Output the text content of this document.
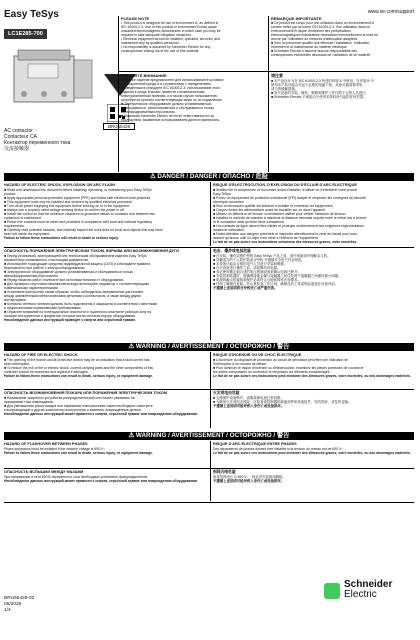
Easy TeSys	www.se.com/support
LC1E285-700
BRU55428
AC contactor
Contacteur CA
Контактор переменного тока
交流接触器
PLEASE NOTE

• This product is designed for use in environment A, as defined in

IEC 61000-2-3. Use of this product in environment B may cause

unwanted electromagnetic disturbances in which case you may be

required to take adequate mitigation measures.

• Electrical equipment should be installed, operated, serviced, and

maintained only by qualified personnel.

• No responsibility is assumed by Schneider Electric for any

consequences arising out of the use of this material.

REMARQUE IMPORTANTE

■ Ce produit est conçu pour une utilisation dans un environnement A

comme défini par la norme CEI 61000-2-3. Son utilisation dans un

environnement B risque d'entraîner des perturbations

électromagnétiques indésirables nécessitant éventuellement la mise en

œuvre par l'utilisateur de mesures d'atténuation adaptées.

■ Seul un personnel qualifié doit effectuer l'installation, l'utilisation,

l'entretien et la maintenance du matériel électrique.

■ Schneider Electric n'assume aucune responsabilité des

conséquences éventuelles découlant de l'utilisation de ce matériel.

ОБРАТИТЕ ВНИМАНИЕ

■ Данное изделие предназначено для использования в условиях

промышленной среды А в соответствии с определением,

приведённым в стандарте IEC 61000-2-3. Использование этого

изделия в среде В может привести к нежелательным

электромагнитным помехам, и в таком случае пользователю

потребуется принять соответствующие меры по их подавлению.

■ Электрическое оборудование должно устанавливаться,

использоваться, ремонтироваться и обслуживаться только

квалифицированным персоналом.

■ Компания Schneider Electric не несёт ответственности за

последствия, вызванные использованием данного материала.

请注意

■ 本产品设计为在 IEC 61000-2-3 所述的环境 A 中使用。在环境 B 中

使用本产品可能会引起不必要的电磁干扰，从而可能需要采取

适当的缓解措施。

■ 电气设备的安装、操作、维修和维护工作仅限于合格人员进行。

■ Schneider Electric 不承担由于使用本资料所引起的任何后果。

⚠ DANGER / DANGER / ОПАСНО / 危险
HAZARD OF ELECTRIC SHOCK, EXPLOSION OR ARC FLASH

■ Read and understand this document before installing, operating, or maintaining your Easy TeSys

product.

■ Apply appropriate personal protective equipment (PPE) and follow safe electrical work practices.

■ This equipment must only be installed and serviced by qualified electrical personnel.

■ Turn off all power supplying this equipment before working on or in the equipment.

■ Always use a properly rated voltage sensing device to confirm the power is off.

■ Install the control so that the minimum clearance to grounded metals to contactor and between two

contactors is maintained.

■ Power line contacts must be wired and protected in compliance with local and national regulatory

requirements.

■ Carefully read potential hazards, and carefully inspect the work area for tools and objects that may have

been left inside the equipment.

Failure to follow these instructions will result in death or serious injury.

RISQUE D'ÉLECTROCUTION, D'EXPLOSION OU D'ÉCLAIR D'ARC ÉLECTRIQUE

■ Veuillez lire et comprendre ce document avant d'installer, d'utiliser ou d'entretenir votre produit

Easy TeSys.

■ Portez un équipement de protection individuelle (EPI) adapté et respectez les consignes de sécurité

électrique courantes.

■ Seul un électricien qualifié est autorisé à installer et entretenir cet équipement.

■ Coupez toutes les alimentations avant de travailler sur ou dans l'appareil.

■ Utilisez un détecteur de tension correctement calibré pour vérifier l'absence de tension.

■ Installez le contrôle de manière à maintenir la distance minimale requise entre le métal mis à la terre

et le contacteur ainsi qu'entre deux contacteurs.

■ Les contacts de ligne doivent être câblés et protégés conformément aux exigences réglementaires

locales et nationales.

■ Faites attention aux dangers potentiels et inspectez attentivement la zone de travail pour vous

assurer qu'aucun outil ou objet n'est resté à l'intérieur de l'équipement.

Le fait de ne pas suivre ces instructions entraînera des blessures graves, voire mortelles.

ОПАСНОСТЬ ПОРАЖЕНИЯ ЭЛЕКТРИЧЕСКИМ ТОКОМ, ВЗРЫВА ИЛИ ВОЗНИКНОВЕНИЯ ДУГИ

■ Перед установкой, эксплуатацией или техническим обслуживанием изделия Easy TeSys

внимательно ознакомьтесь с настоящим документом.

■ Используйте подходящие средства индивидуальной защиты (СИЗ) и соблюдайте правила

безопасности при работе с электрооборудованием.

■ Электрическое оборудование должно устанавливаться и обслуживаться только

квалифицированным персоналом.

■ Перед началом работ отключите все источники питания от оборудования.

■ Для проверки отсутствия напряжения всегда используйте индикатор с соответствующими

номинальными характеристиками.

■ Установите контроллер таким образом, чтобы соблюдалось минимальное расстояние

между заземлёнными металлическими деталями и контактором, а также между двумя

контакторами.

■ Контакты сетевого питания должны быть подключены и защищены в соответствии с местными

и национальными нормативными требованиями.

■ Обратите внимание на потенциальные опасности и тщательно осмотрите рабочую зону на

наличие инструментов и предметов, которые могли остаться внутри оборудования.

Несоблюдение данных инструкций приведёт к смерти или серьёзной травме.

电击、爆炸或电弧危险

■ 在安装、操作或维护您的 Easy TeSys 产品之前，请仔细阅读并理解本文档。

■ 穿戴适当的个人防护装备 (PPE) 并遵循安全电气作业规范。

■ 本设备只能由合格的电气人员进行安装和维修。

■ 在对设备进行操作之前，请切断所有电源。

■ 务必使用额定值合适的电压感测设备来确认电源已断开。

■ 安装控制装置时，需确保接地金属与接触器之间以及两个接触器之间保持最小间隙。

■ 电源线触点的接线和保护必须符合当地和国家法规要求。

■ 仔细了解潜在危险，并认真检查工作区域，确保没有工具或物品遗留在设备内部。

不遵循上述说明将会导致死亡或严重伤害。

⚠ WARNING / AVERTISSEMENT / ОСТОРОЖНО / 警告
HAZARD OF FIRE OR ELECTRIC SHOCK

■ The opening of the branch-circuit protective device may be an indication that a fault current has

been interrupted.

■ To reduce the risk of fire or electric shock, current-carrying parts and the other components of this

controller should be examined and replaced if damaged.

Failure to follow these instructions can result in death, serious injury, or equipment damage.

RISQUE D'INCENDIE OU DE CHOC ÉLECTRIQUE

■ L'ouverture du dispositif de protection du circuit de dérivation peut être une indication de

l'interruption d'un courant de défaut.

■ Pour diminuer le risque d'incendie ou d'électrocution, examinez les pièces porteuses de courant et

les autres composants du contrôleur et remplacez les éléments endommagés.

Le fait de ne pas suivre ces instructions peut entraîner des blessures graves, voire mortelles, ou des dommages matériels.

ОПАСНОСТЬ ВОЗНИКНОВЕНИЯ ПОЖАРА ИЛИ ПОРАЖЕНИЯ ЭЛЕКТРИЧЕСКИМ ТОКОМ

■ Размыкание защитного устройства распределительной сети может указывать на

прерывание тока повреждения.

■ Для уменьшения риска пожара или поражения электрическим током необходимо осмотреть

токопроводящие и другие компоненты контроллера и заменить повреждённые детали.

Несоблюдение данных инструкций может привести к смерти, серьёзной травме или повреждению оборудования.

火灾或电击危险

■ 支路保护设备断开，表明故障电流已被切断。

■ 为降低火灾或电击风险，应检查该控制器的载流部件和其他组件，如有损坏，请及时更换。

不遵循上述说明可能导致人身伤亡或设备损坏。

⚠ WARNING / AVERTISSEMENT / ОСТОРОЖНО / 警告
HAZARD OF FLASHOVER BETWEEN PHASES

Phase separators must be installed if the network voltage is 690 V~.

Failure to follow these instructions can result in death, serious injury, or equipment damage.

RISQUE D'ARC ÉLECTRIQUE ENTRE PHASES

Des séparateurs de phases doivent être installés si la tension du réseau est de 690 V~.

Le fait de ne pas suivre ces instructions peut entraîner des blessures graves, voire mortelles, ou des dommages matériels.

ОПАСНОСТЬ ВСПЫШКИ МЕЖДУ ФАЗАМИ

При напряжении в сети 690 В переменного тока необходимо установить фазоразделители.

Несоблюдение данных инструкций может привести к смерти, серьёзной травме или повреждению оборудования.

相间闪络危险

如果电网电压为 690 V~，则必须安装相间隔板。

不遵循上述说明可能导致人身伤亡或设备损坏。

BRU55428-02
05/2026
1/4
Schneider
Electric
